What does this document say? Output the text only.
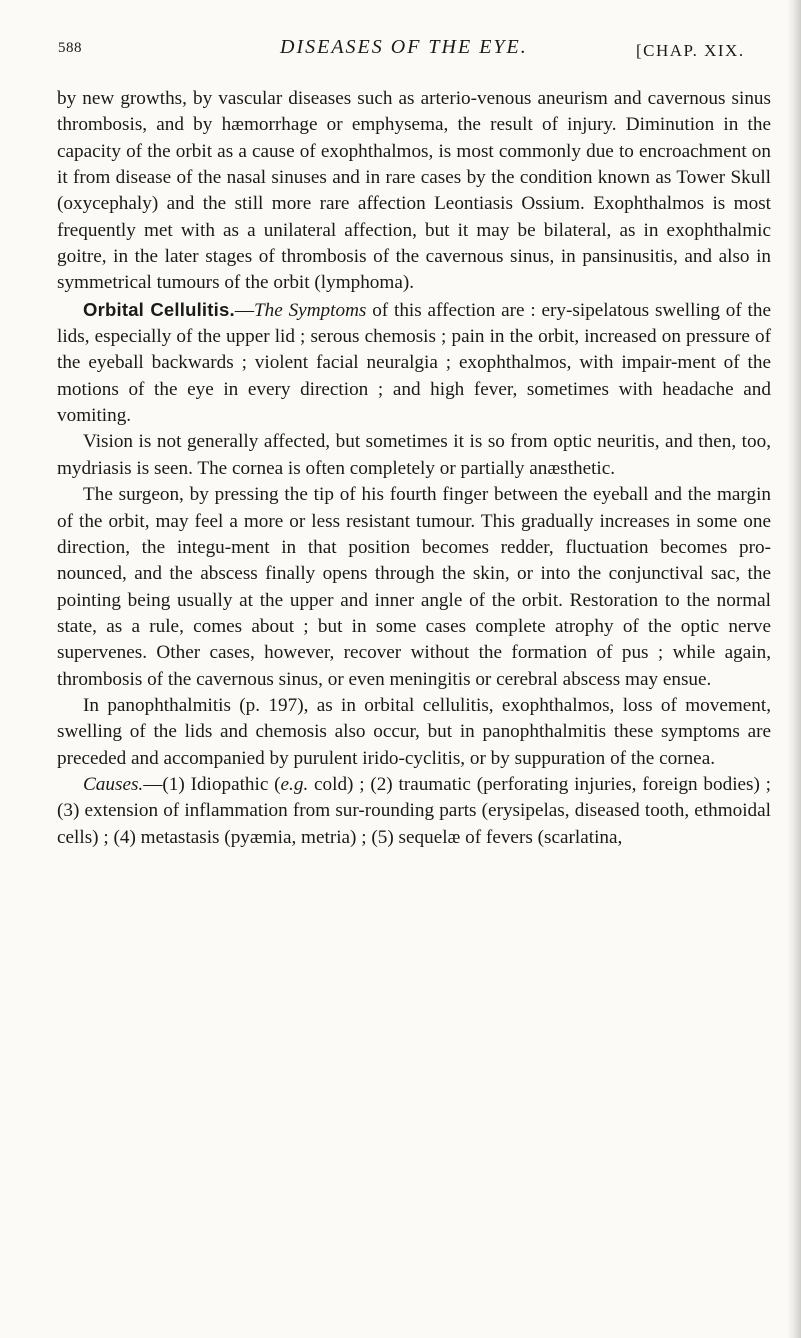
588	DISEASES OF THE EYE.	[CHAP. XIX.

by new growths, by vascular diseases such as arterio-venous aneurism and cavernous sinus thrombosis, and by hæmorrhage or emphysema, the result of injury. Diminution in the capacity of the orbit as a cause of exophthalmos, is most commonly due to encroachment on it from disease of the nasal sinuses and in rare cases by the condition known as Tower Skull (oxycephaly) and the still more rare affection Leontiasis Ossium. Exophthalmos is most frequently met with as a unilateral affection, but it may be bilateral, as in exophthalmic goitre, in the later stages of thrombosis of the cavernous sinus, in pansinusitis, and also in symmetrical tumours of the orbit (lymphoma).

Orbital Cellulitis.—The Symptoms of this affection are : ery-sipelatous swelling of the lids, especially of the upper lid ; serous chemosis ; pain in the orbit, increased on pressure of the eyeball backwards ; violent facial neuralgia ; exophthalmos, with impair-ment of the motions of the eye in every direction ; and high fever, sometimes with headache and vomiting.

Vision is not generally affected, but sometimes it is so from optic neuritis, and then, too, mydriasis is seen. The cornea is often completely or partially anæsthetic.

The surgeon, by pressing the tip of his fourth finger between the eyeball and the margin of the orbit, may feel a more or less resistant tumour. This gradually increases in some one direction, the integu-ment in that position becomes redder, fluctuation becomes pro-nounced, and the abscess finally opens through the skin, or into the conjunctival sac, the pointing being usually at the upper and inner angle of the orbit. Restoration to the normal state, as a rule, comes about ; but in some cases complete atrophy of the optic nerve supervenes. Other cases, however, recover without the formation of pus ; while again, thrombosis of the cavernous sinus, or even meningitis or cerebral abscess may ensue.

In panophthalmitis (p. 197), as in orbital cellulitis, exophthalmos, loss of movement, swelling of the lids and chemosis also occur, but in panophthalmitis these symptoms are preceded and accompanied by purulent irido-cyclitis, or by suppuration of the cornea.

Causes.—(1) Idiopathic (e.g. cold) ; (2) traumatic (perforating injuries, foreign bodies) ; (3) extension of inflammation from sur-rounding parts (erysipelas, diseased tooth, ethmoidal cells) ; (4) metastasis (pyæmia, metria) ; (5) sequelæ of fevers (scarlatina,
